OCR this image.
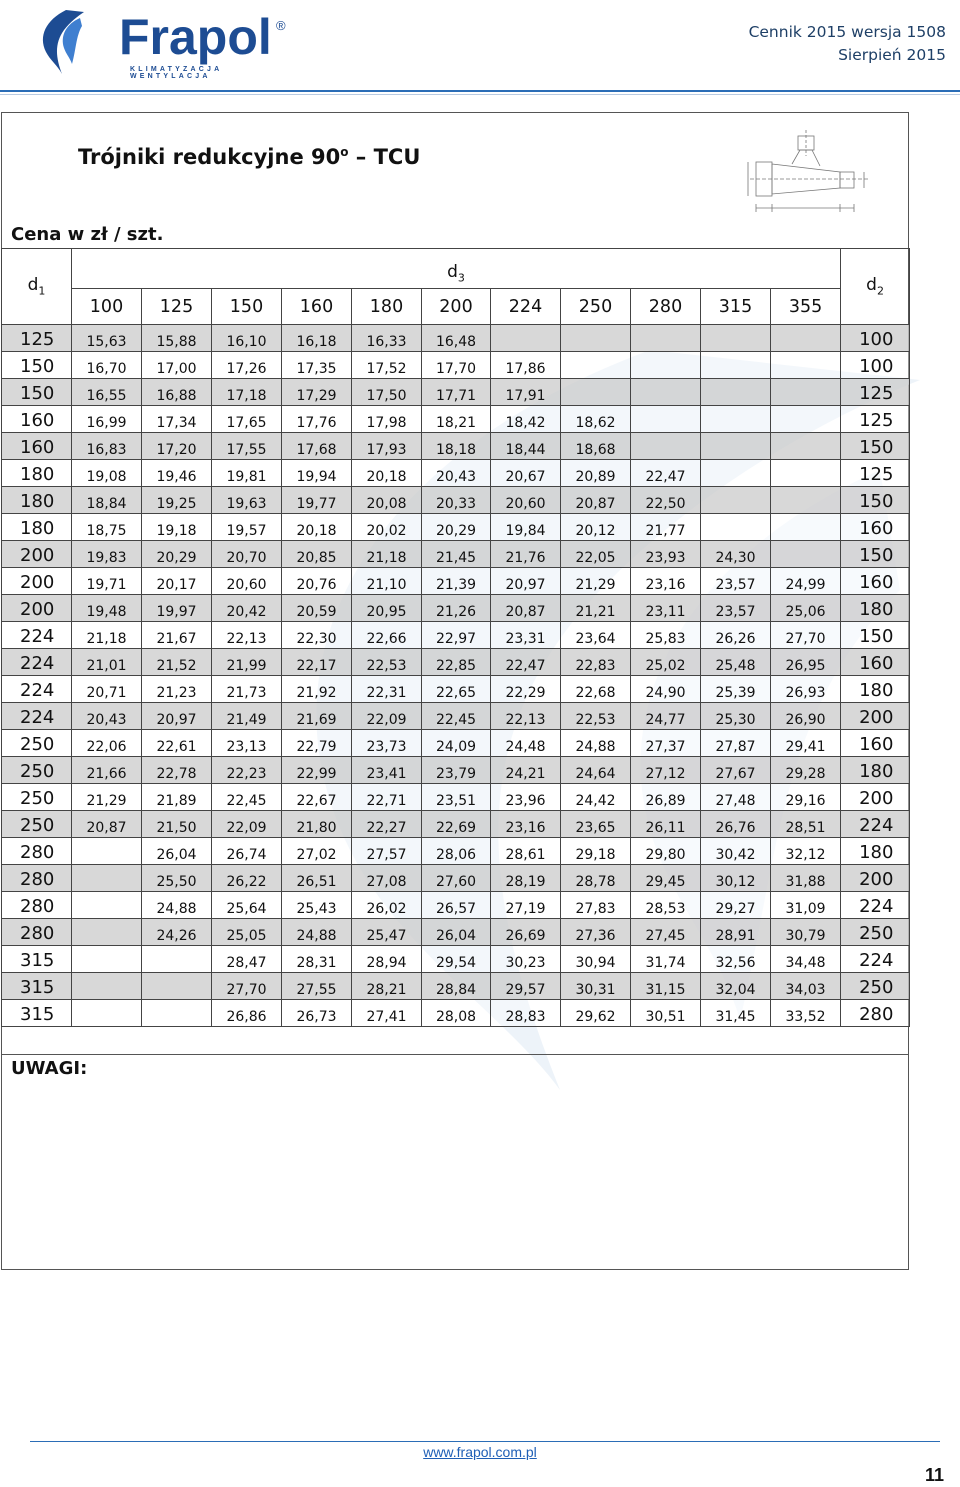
Frapol ®
KLIMATYZACJA WENTYLACJA
Cennik 2015 wersja 1508
Sierpień 2015
Trójniki redukcyjne 90$^o$ – TCU
Cena w zł / szt.
$d_1$	$d_3$											$d_2$
	100	125	150	160	180	200	224	250	280	315	355	
125	15,63	15,88	16,10	16,18	16,33	16,48						100
150	16,70	17,00	17,26	17,35	17,52	17,70	17,86					100
150	16,55	16,88	17,18	17,29	17,50	17,71	17,91					125
160	16,99	17,34	17,65	17,76	17,98	18,21	18,42	18,62				125
160	16,83	17,20	17,55	17,68	17,93	18,18	18,44	18,68				150
180	19,08	19,46	19,81	19,94	20,18	20,43	20,67	20,89	22,47			125
180	18,84	19,25	19,63	19,77	20,08	20,33	20,60	20,87	22,50			150
180	18,75	19,18	19,57	20,18	20,02	20,29	19,84	20,12	21,77			160
200	19,83	20,29	20,70	20,85	21,18	21,45	21,76	22,05	23,93	24,30		150
200	19,71	20,17	20,60	20,76	21,10	21,39	20,97	21,29	23,16	23,57	24,99	160
200	19,48	19,97	20,42	20,59	20,95	21,26	20,87	21,21	23,11	23,57	25,06	180
224	21,18	21,67	22,13	22,30	22,66	22,97	23,31	23,64	25,83	26,26	27,70	150
224	21,01	21,52	21,99	22,17	22,53	22,85	22,47	22,83	25,02	25,48	26,95	160
224	20,71	21,23	21,73	21,92	22,31	22,65	22,29	22,68	24,90	25,39	26,93	180
224	20,43	20,97	21,49	21,69	22,09	22,45	22,13	22,53	24,77	25,30	26,90	200
250	22,06	22,61	23,13	22,79	23,73	24,09	24,48	24,88	27,37	27,87	29,41	160
250	21,66	22,78	22,23	22,99	23,41	23,79	24,21	24,64	27,12	27,67	29,28	180
250	21,29	21,89	22,45	22,67	22,71	23,51	23,96	24,42	26,89	27,48	29,16	200
250	20,87	21,50	22,09	21,80	22,27	22,69	23,16	23,65	26,11	26,76	28,51	224
280		26,04	26,74	27,02	27,57	28,06	28,61	29,18	29,80	30,42	32,12	180
280		25,50	26,22	26,51	27,08	27,60	28,19	28,78	29,45	30,12	31,88	200
280		24,88	25,64	25,43	26,02	26,57	27,19	27,83	28,53	29,27	31,09	224
280		24,26	25,05	24,88	25,47	26,04	26,69	27,36	27,45	28,91	30,79	250
315			28,47	28,31	28,94	29,54	30,23	30,94	31,74	32,56	34,48	224
315			27,70	27,55	28,21	28,84	29,57	30,31	31,15	32,04	34,03	250
315			26,86	26,73	27,41	28,08	28,83	29,62	30,51	31,45	33,52	280
UWAGI:
www.frapol.com.pl
11
